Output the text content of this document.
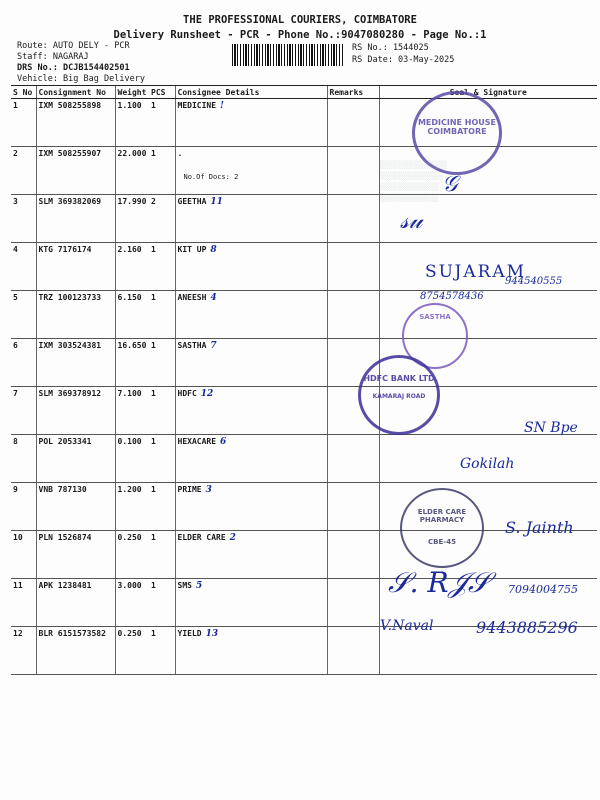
THE PROFESSIONAL COURIERS, COIMBATORE
Delivery Runsheet - PCR - Phone No.:9047080280 - Page No.:1
Route: AUTO DELY - PCR
Staff: NAGARAJ
DRS No.: DCJB154402501
Vehicle: Big Bag Delivery
RS No.: 1544025
RS Date: 03-May-2025
S No	Consignment No	Weight	PCS	Consignee Details	Remarks	Seal & Signature
1	IXM 508255898	1.100	1	MEDICINE !		
2	IXM 508255907	22.000	1	.
No.Of Docs: 2		

3	SLM 369382069	17.990	2	GEETHA 11		
4	KTG 7176174	2.160	1	KIT UP 8		
5	TRZ 100123733	6.150	1	ANEESH 4		
6	IXM 303524381	16.650	1	SASTHA 7		
7	SLM 369378912	7.100	1	HDFC 12		
8	POL 2053341	0.100	1	HEXACARE 6		
9	VNB 787130	1.200	1	PRIME 3		
10	PLN 1526874	0.250	1	ELDER CARE 2		
11	APK 1238481	3.000	1	SMS 5		
12	BLR 6151573582	0.250	1	YIELD 13		
MEDICINE HOUSE COIMBATORE
░░░░░░░░░░░░░░░░
░░░░░░░░░░░░░░░
░░░░░░░░░░░░░░
░░░░░░░░░░░░░░
𝒢
𝓈𝓊
SUJARAM
944540555
8754578436
SASTHA
HDFC BANK LTD
KAMARAJ ROAD
SN Bpe
Gokilah
ELDER CARE PHARMACY
CBE-45
S. Jainth
𝒮. 𝑅𝒥𝒮 7094004755
V.Naval	9443885296
